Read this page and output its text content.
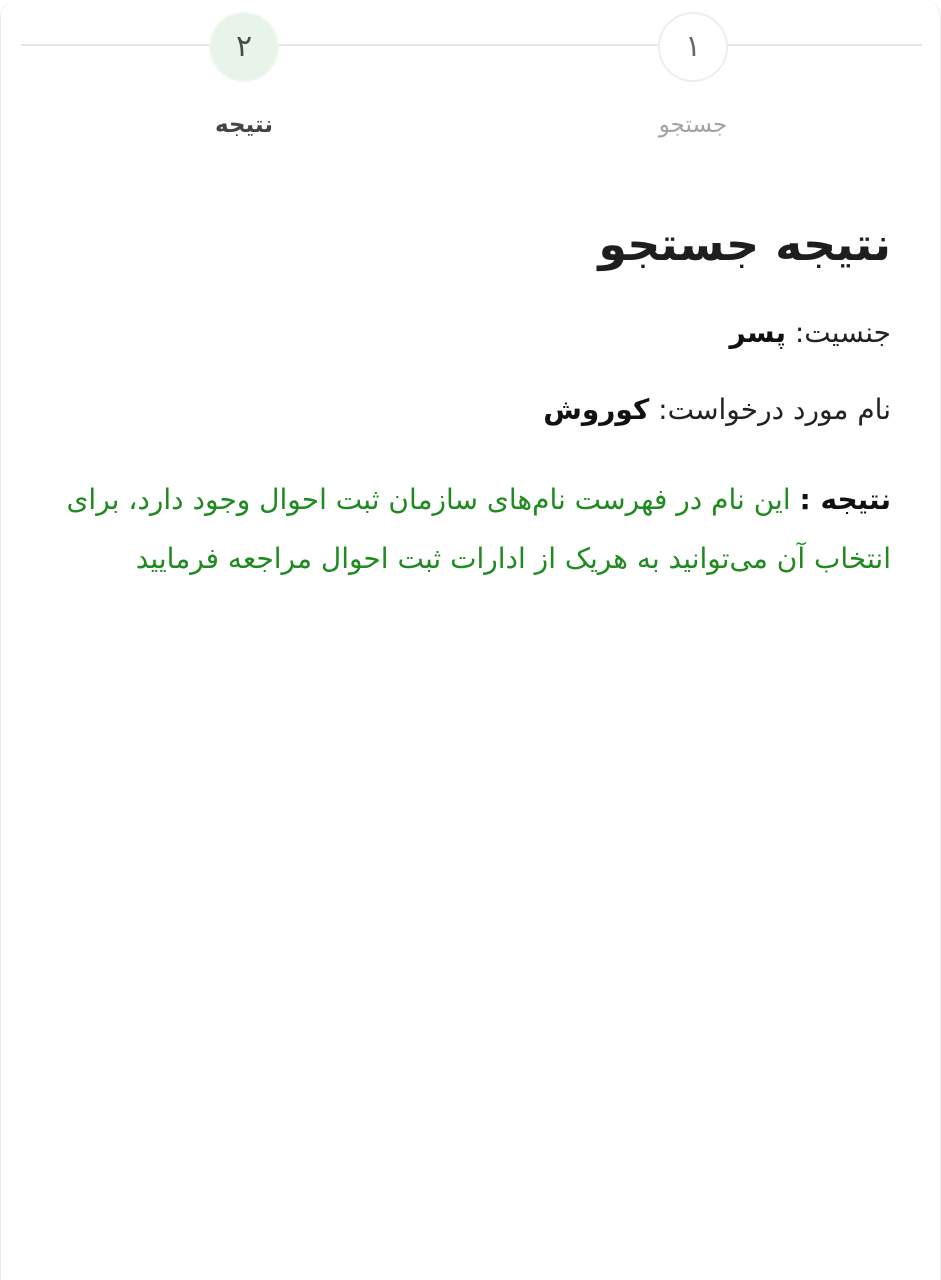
۱
جستجو
۲
نتیجه
نتیجه جستجو
جنسیت: پسر
نام مورد درخواست: کوروش
نتیجه : این نام در فهرست نام‌های سازمان ثبت احوال وجود دارد، برای انتخاب آن می‌توانید به هریک از ادارات ثبت احوال مراجعه فرمایید
